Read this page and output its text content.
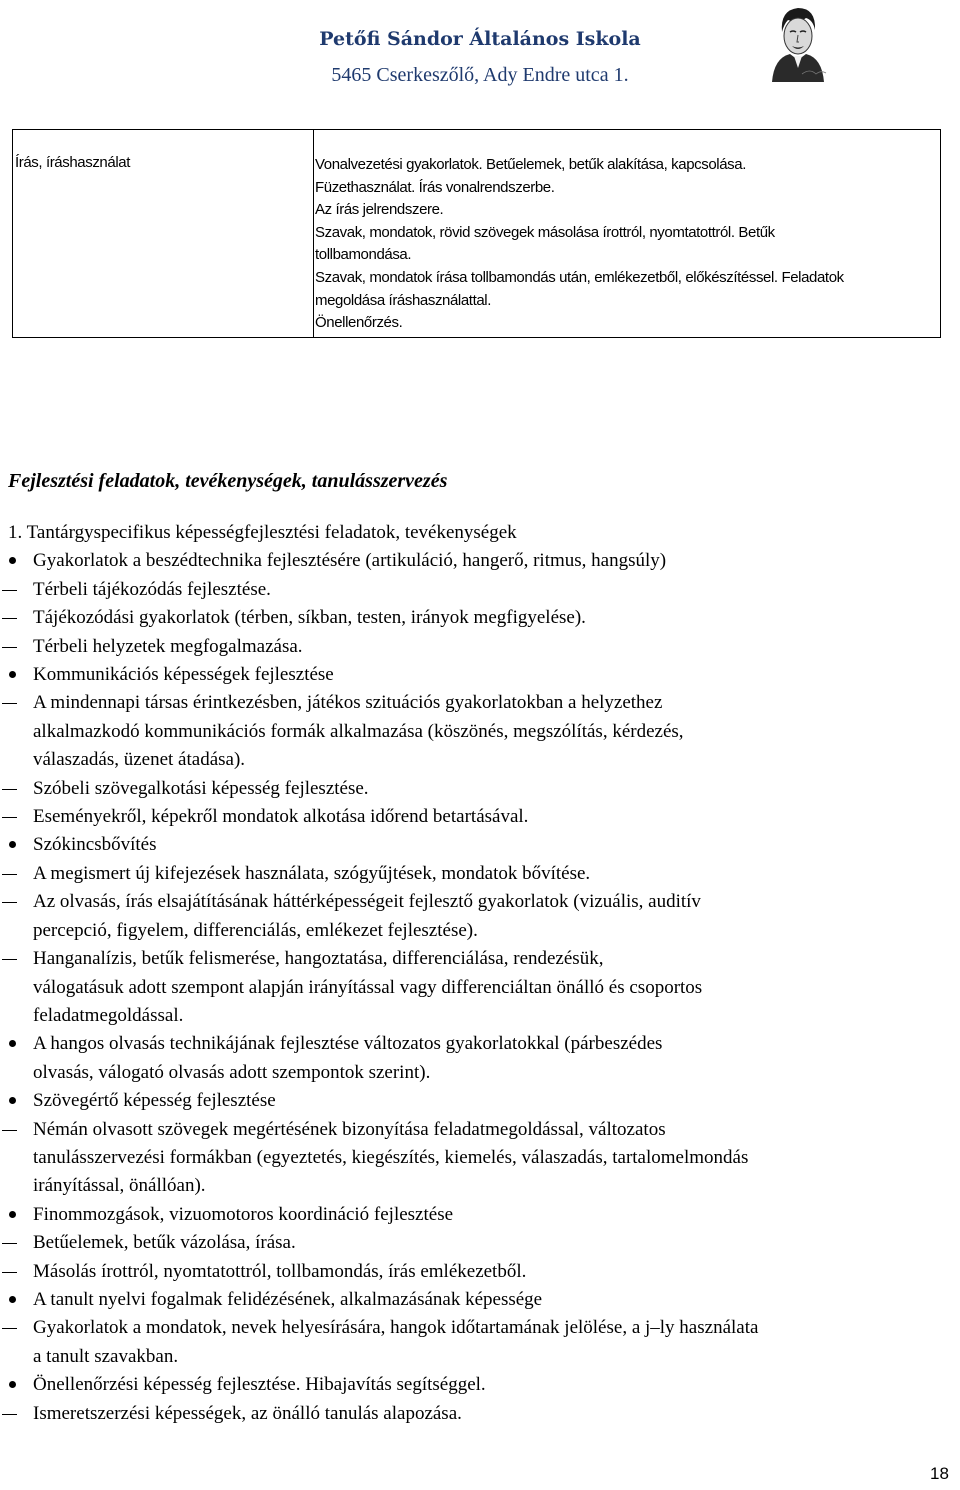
Petőfi Sándor Általános Iskola
5465 Cserkeszőlő, Ady Endre utca 1.
Írás, íráshasználat	Vonalvezetési gyakorlatok. Betűelemek, betűk alakítása, kapcsolása.
Füzethasználat. Írás vonalrendszerbe.
Az írás jelrendszere.
Szavak, mondatok, rövid szövegek másolása írottról, nyomtatottról. Betűk
tollbamondása.
Szavak, mondatok írása tollbamondás után, emlékezetből, előkészítéssel. Feladatok
megoldása íráshasználattal.
Önellenőrzés.
Fejlesztési feladatok, tevékenységek, tanulásszervezés
1. Tantárgyspecifikus képességfejlesztési feladatok, tevékenységek
Gyakorlatok a beszédtechnika fejlesztésére (artikuláció, hangerő, ritmus, hangsúly)
Térbeli tájékozódás fejlesztése.
Tájékozódási gyakorlatok (térben, síkban, testen, irányok megfigyelése).
Térbeli helyzetek megfogalmazása.
Kommunikációs képességek fejlesztése
A mindennapi társas érintkezésben, játékos szituációs gyakorlatokban a helyzethez
alkalmazkodó kommunikációs formák alkalmazása (köszönés, megszólítás, kérdezés,
válaszadás, üzenet átadása).
Szóbeli szövegalkotási képesség fejlesztése.
Eseményekről, képekről mondatok alkotása időrend betartásával.
Szókincsbővítés
A megismert új kifejezések használata, szógyűjtések, mondatok bővítése.
Az olvasás, írás elsajátításának háttérképességeit fejlesztő gyakorlatok (vizuális, auditív
percepció, figyelem, differenciálás, emlékezet fejlesztése).
Hanganalízis, betűk felismerése, hangoztatása, differenciálása, rendezésük,
válogatásuk adott szempont alapján irányítással vagy differenciáltan önálló és csoportos
feladatmegoldással.
A hangos olvasás technikájának fejlesztése változatos gyakorlatokkal (párbeszédes
olvasás, válogató olvasás adott szempontok szerint).
Szövegértő képesség fejlesztése
Némán olvasott szövegek megértésének bizonyítása feladatmegoldással, változatos
tanulásszervezési formákban (egyeztetés, kiegészítés, kiemelés, válaszadás, tartalomelmondás
irányítással, önállóan).
Finommozgások, vizuomotoros koordináció fejlesztése
Betűelemek, betűk vázolása, írása.
Másolás írottról, nyomtatottról, tollbamondás, írás emlékezetből.
A tanult nyelvi fogalmak felidézésének, alkalmazásának képessége
Gyakorlatok a mondatok, nevek helyesírására, hangok időtartamának jelölése, a j–ly használata
a tanult szavakban.
Önellenőrzési képesség fejlesztése. Hibajavítás segítséggel.
Ismeretszerzési képességek, az önálló tanulás alapozása.
18
